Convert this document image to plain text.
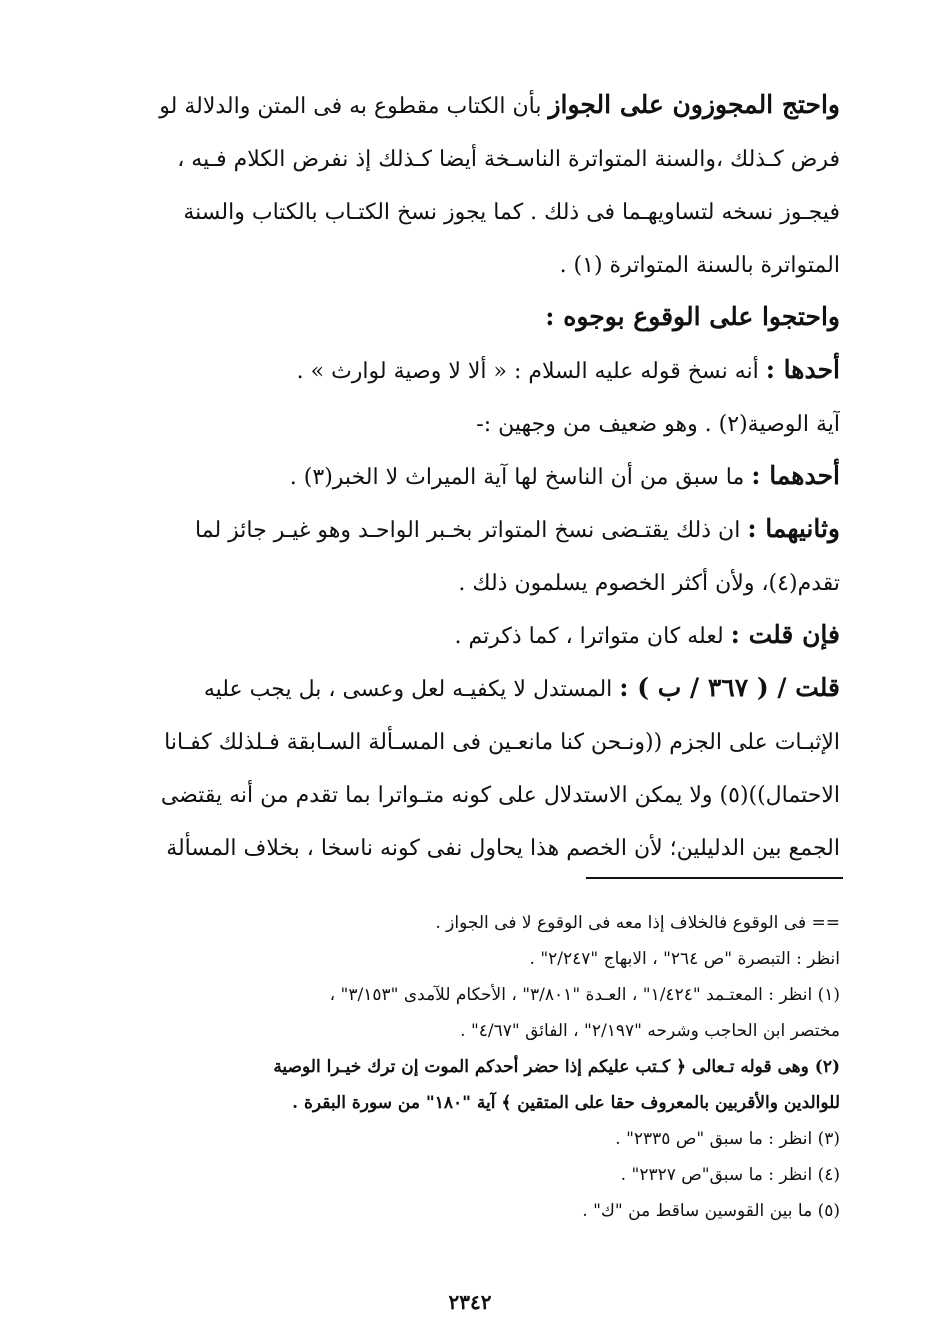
واحتج المجوزون على الجواز بأن الكتاب مقطوع به فى المتن والدلالة لو
فرض كـذلك ،والسنة المتواترة الناسـخة أيضا كـذلك إذ نفرض الكلام فـيه ،
فيجـوز نسخه لتساويهـما فى ذلك . كما يجوز نسخ الكتـاب بالكتاب والسنة
المتواترة بالسنة المتواترة (١) .
واحتجوا على الوقوع بوجوه :
أحدها : أنه نسخ قوله عليه السلام : « ألا لا وصية لوارث » .
آية الوصية(٢) . وهو ضعيف من وجهين :-
أحدهما : ما سبق من أن الناسخ لها آية الميراث لا الخبر(٣) .
وثانيهما : ان ذلك يقتـضى نسخ المتواتر بخـبر الواحـد وهو غيـر جائز لما
تقدم(٤)، ولأن أكثر الخصوم يسلمون ذلك .
فإن قلت : لعله كان متواترا ، كما ذكرتم .
قلت / ( ٣٦٧ / ب ) : المستدل لا يكفيـه لعل وعسى ، بل يجب عليه
الإثبـات على الجزم ((ونـحن كنا مانعـين فى المسـألة السـابقة فـلذلك كفـانا
الاحتمال))(٥) ولا يمكن الاستدلال على كونه متـواترا بما تقدم من أنه يقتضى
الجمع بين الدليلين؛ لأن الخصم هذا يحاول نفى كونه ناسخا ، بخلاف المسألة
== فى الوقوع فالخلاف إذا معه فى الوقوع لا فى الجواز .
انظر : التبصرة "ص ٢٦٤" ، الابهاج "٢/٢٤٧" .
(١) انظر : المعتـمد "١/٤٢٤" ، العـدة "٣/٨٠١" ، الأحكام للآمدى "٣/١٥٣" ،
مختصر ابن الحاجب وشرحه "٢/١٩٧" ، الفائق "٤/٦٧" .
(٢) وهى قوله تـعالى ﴿ كـتب عليكم إذا حضر أحدكم الموت إن ترك خيـرا الوصية
للوالدين والأقربين بالمعروف حقا على المتقين ﴾ آية "١٨٠" من سورة البقرة .
(٣) انظر : ما سبق "ص ٢٣٣٥" .
(٤) انظر : ما سبق"ص ٢٣٢٧" .
(٥) ما بين القوسين ساقط من "ك" .
٢٣٤٢
